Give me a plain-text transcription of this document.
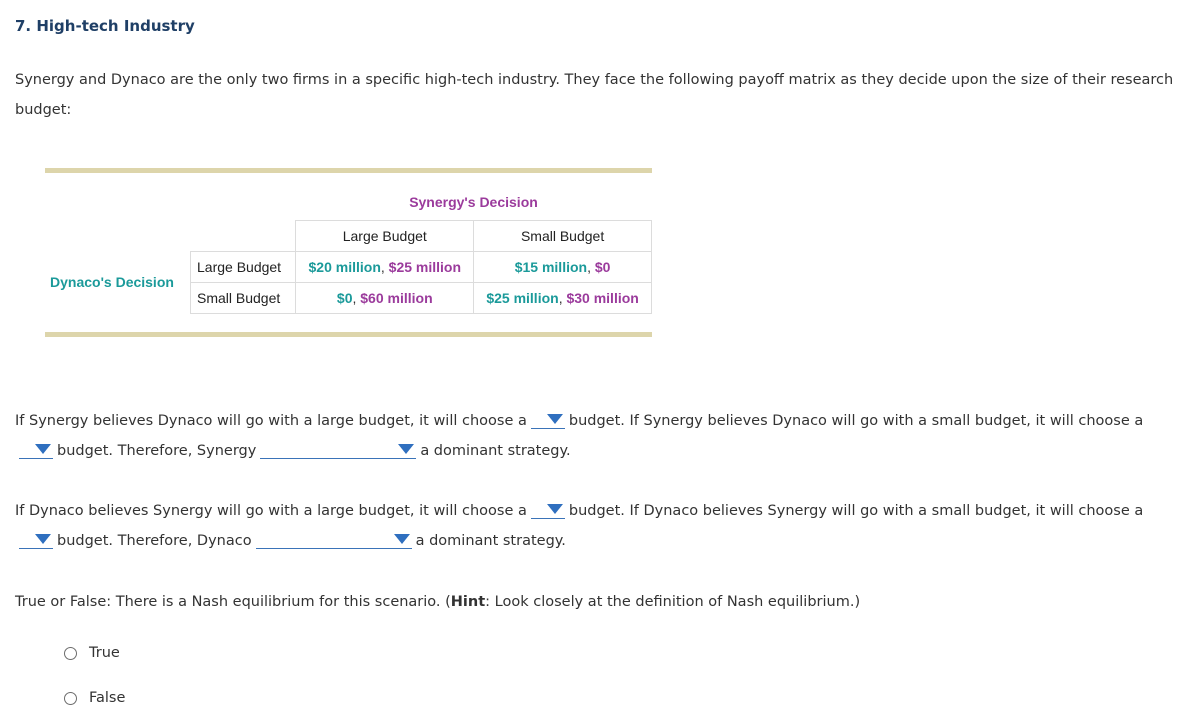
7. High-tech Industry
Synergy and Dynaco are the only two firms in a specific high-tech industry. They face the following payoff matrix as they decide upon the size of their research budget:
Synergy's Decision
Dynaco's Decision
	Large Budget	Small Budget
Large Budget	$20 million, $25 million	$15 million, $0
Small Budget	$0, $60 million	$25 million, $30 million
If Synergy believes Dynaco will go with a large budget, it will choose a	budget. If Synergy believes Dynaco will go with a small budget, it will choose a
budget. Therefore, Synergy	a dominant strategy.
If Dynaco believes Synergy will go with a large budget, it will choose a	budget. If Dynaco believes Synergy will go with a small budget, it will choose a
budget. Therefore, Dynaco	a dominant strategy.
True or False: There is a Nash equilibrium for this scenario. (Hint: Look closely at the definition of Nash equilibrium.)
True
False
